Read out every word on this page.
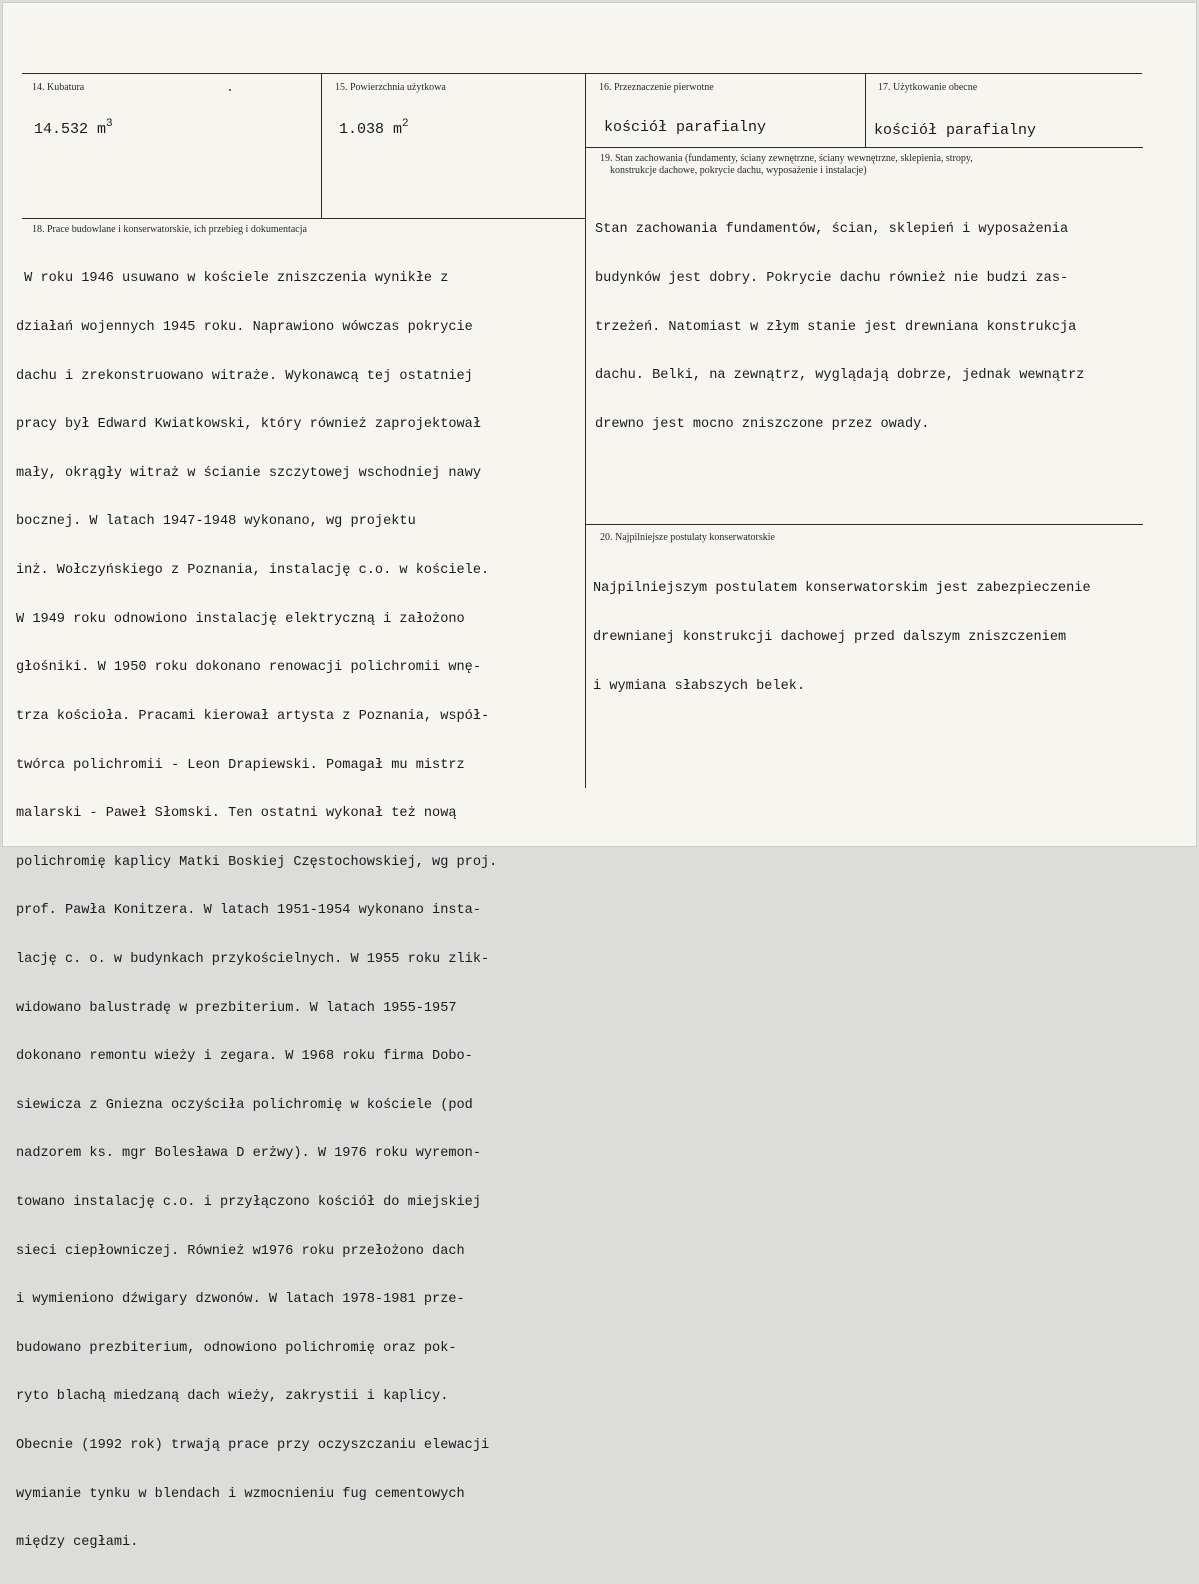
14. Kubatura
14.532 $m^3$
15. Powierzchnia użytkowa
1.038 $m^2$
16. Przeznaczenie pierwotne
kościół parafialny
17. Użytkowanie obecne
kościół parafialny
19. Stan zachowania (fundamenty, ściany zewnętrzne, ściany wewnętrzne, sklepienia, stropy,
konstrukcje dachowe, pokrycie dachu, wyposażenie i instalacje)

Stan zachowania fundamentów, ścian, sklepień i wyposażenia

budynków jest dobry. Pokrycie dachu również nie budzi zas-

trzeżeń. Natomiast w złym stanie jest drewniana konstrukcja

dachu. Belki, na zewnątrz, wyglądają dobrze, jednak wewnątrz

drewno jest mocno zniszczone przez owady.

18. Prace budowlane i konserwatorskie, ich przebieg i dokumentacja

W roku 1946 usuwano w kościele zniszczenia wynikłe z

działań wojennych 1945 roku. Naprawiono wówczas pokrycie

dachu i zrekonstruowano witraże. Wykonawcą tej ostatniej

pracy był Edward Kwiatkowski, który również zaprojektował

mały, okrągły witraż w ścianie szczytowej wschodniej nawy

bocznej. W latach 1947-1948 wykonano, wg projektu

inż. Wołczyńskiego z Poznania, instalację c.o. w kościele.

W 1949 roku odnowiono instalację elektryczną i założono

głośniki. W 1950 roku dokonano renowacji polichromii wnę-

trza kościoła. Pracami kierował artysta z Poznania, współ-

twórca polichromii - Leon Drapiewski. Pomagał mu mistrz

malarski - Paweł Słomski. Ten ostatni wykonał też nową

polichromię kaplicy Matki Boskiej Częstochowskiej, wg proj.

prof. Pawła Konitzera. W latach 1951-1954 wykonano insta-

lację c. o. w budynkach przykościelnych. W 1955 roku zlik-

widowano balustradę w prezbiterium. W latach 1955-1957

dokonano remontu wieży i zegara. W 1968 roku firma Dobo-

siewicza z Gniezna oczyściła polichromię w kościele (pod

nadzorem ks. mgr Bolesława D erżwy). W 1976 roku wyremon-

towano instalację c.o. i przyłączono kościół do miejskiej

sieci ciepłowniczej. Również w1976 roku przełożono dach

i wymieniono dźwigary dzwonów. W latach 1978-1981 prze-

budowano prezbiterium, odnowiono polichromię oraz pok-

ryto blachą miedzaną dach wieży, zakrystii i kaplicy.

Obecnie (1992 rok) trwają prace przy oczyszczaniu elewacji

wymianie tynku w blendach i wzmocnieniu fug cementowych

między cegłami.

20. Najpilniejsze postulaty konserwatorskie

Najpilniejszym postulatem konserwatorskim jest zabezpieczenie

drewnianej konstrukcji dachowej przed dalszym zniszczeniem

i wymiana słabszych belek.
